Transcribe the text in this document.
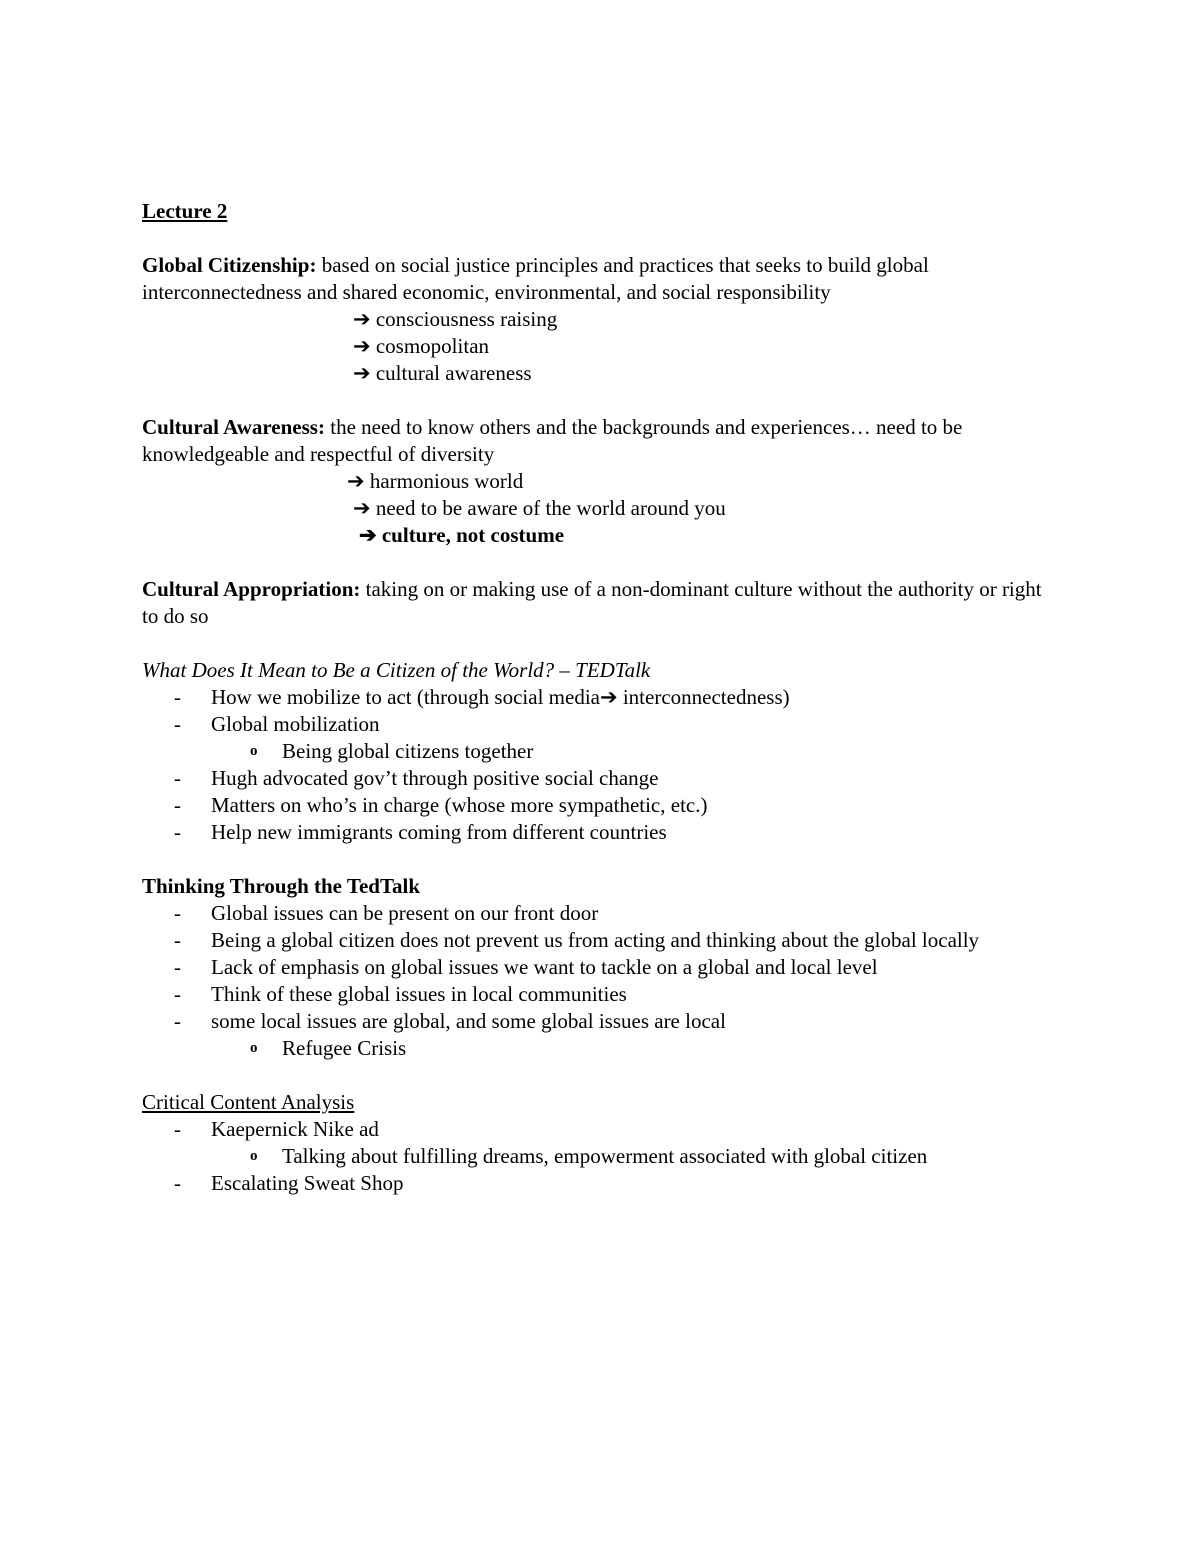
Lecture 2

Global Citizenship: based on social justice principles and practices that seeks to build global interconnectedness and shared economic, environmental, and social responsibility

➔ consciousness raising

➔ cosmopolitan

➔ cultural awareness

Cultural Awareness: the need to know others and the backgrounds and experiences… need to be knowledgeable and respectful of diversity

➔ harmonious world

➔ need to be aware of the world around you

➔ culture, not costume

Cultural Appropriation: taking on or making use of a non-dominant culture without the authority or right to do so

What Does It Mean to Be a Citizen of the World? – TEDTalk

- How we mobilize to act (through social media➔ interconnectedness)

- Global mobilization

o Being global citizens together

- Hugh advocated gov’t through positive social change

- Matters on who’s in charge (whose more sympathetic, etc.)

- Help new immigrants coming from different countries

Thinking Through the TedTalk

- Global issues can be present on our front door

- Being a global citizen does not prevent us from acting and thinking about the global locally

- Lack of emphasis on global issues we want to tackle on a global and local level

- Think of these global issues in local communities

- some local issues are global, and some global issues are local

o Refugee Crisis

Critical Content Analysis

- Kaepernick Nike ad

o Talking about fulfilling dreams, empowerment associated with global citizen

- Escalating Sweat Shop
